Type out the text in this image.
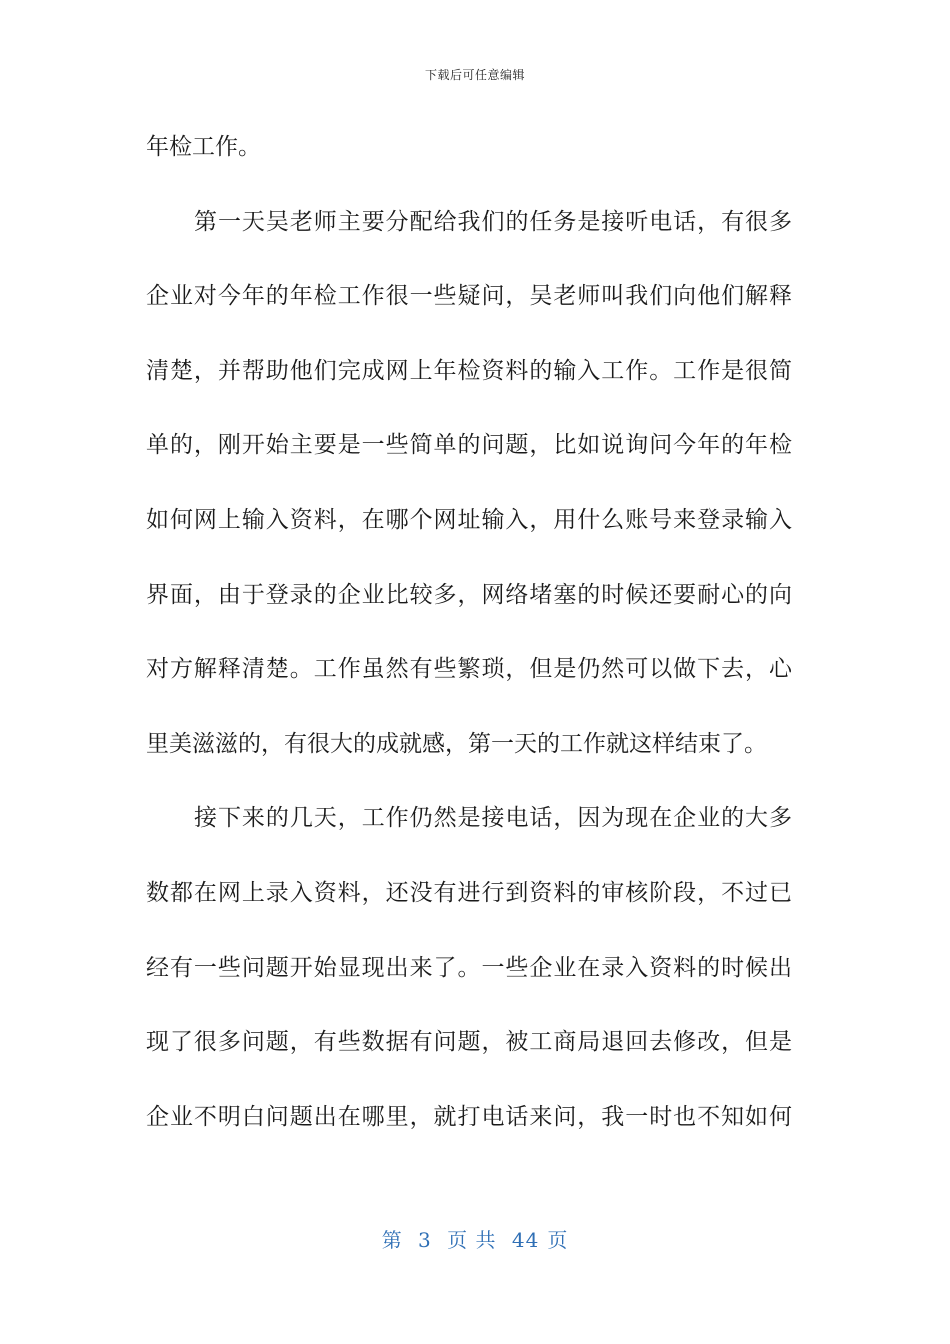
下载后可任意编辑
年检工作。
第一天吴老师主要分配给我们的任务是接听电话，有很多
企业对今年的年检工作很一些疑问，吴老师叫我们向他们解释
清楚，并帮助他们完成网上年检资料的输入工作。工作是很简
单的，刚开始主要是一些简单的问题，比如说询问今年的年检
如何网上输入资料，在哪个网址输入，用什么账号来登录输入
界面，由于登录的企业比较多，网络堵塞的时候还要耐心的向
对方解释清楚。工作虽然有些繁琐，但是仍然可以做下去，心
里美滋滋的，有很大的成就感，第一天的工作就这样结束了。
接下来的几天，工作仍然是接电话，因为现在企业的大多
数都在网上录入资料，还没有进行到资料的审核阶段，不过已
经有一些问题开始显现出来了。一些企业在录入资料的时候出
现了很多问题，有些数据有问题，被工商局退回去修改，但是
企业不明白问题出在哪里，就打电话来问，我一时也不知如何
第 3 页 共 44 页
